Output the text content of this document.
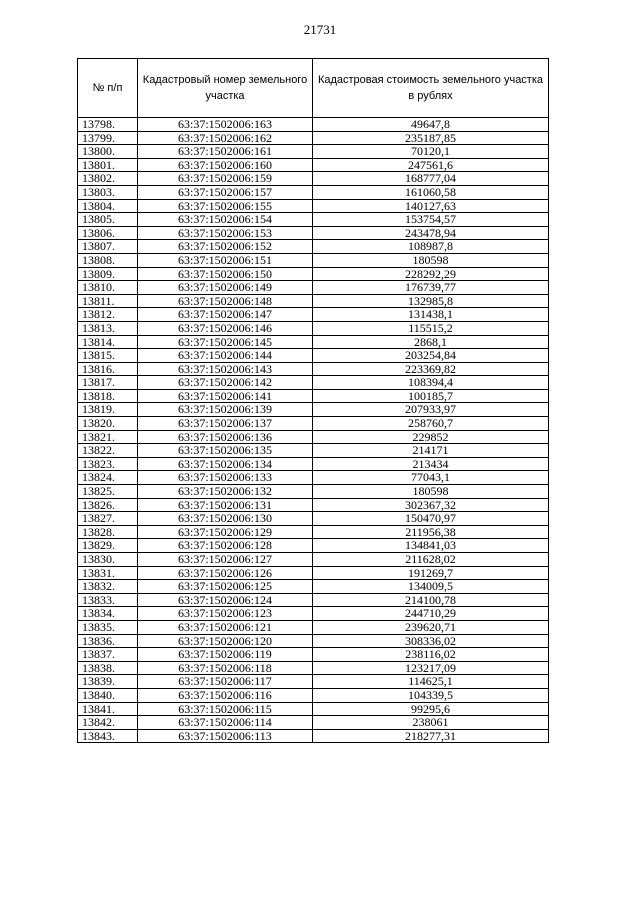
21731
№ п/п	Кадастровый номер земельного участка	Кадастровая стоимость земельного участка в рублях
13798.	63:37:1502006:163	49647,8
13799.	63:37:1502006:162	235187,85
13800.	63:37:1502006:161	70120,1
13801.	63:37:1502006:160	247561,6
13802.	63:37:1502006:159	168777,04
13803.	63:37:1502006:157	161060,58
13804.	63:37:1502006:155	140127,63
13805.	63:37:1502006:154	153754,57
13806.	63:37:1502006:153	243478,94
13807.	63:37:1502006:152	108987,8
13808.	63:37:1502006:151	180598
13809.	63:37:1502006:150	228292,29
13810.	63:37:1502006:149	176739,77
13811.	63:37:1502006:148	132985,8
13812.	63:37:1502006:147	131438,1
13813.	63:37:1502006:146	115515,2
13814.	63:37:1502006:145	2868,1
13815.	63:37:1502006:144	203254,84
13816.	63:37:1502006:143	223369,82
13817.	63:37:1502006:142	108394,4
13818.	63:37:1502006:141	100185,7
13819.	63:37:1502006:139	207933,97
13820.	63:37:1502006:137	258760,7
13821.	63:37:1502006:136	229852
13822.	63:37:1502006:135	214171
13823.	63:37:1502006:134	213434
13824.	63:37:1502006:133	77043,1
13825.	63:37:1502006:132	180598
13826.	63:37:1502006:131	302367,32
13827.	63:37:1502006:130	150470,97
13828.	63:37:1502006:129	211956,38
13829.	63:37:1502006:128	134841,03
13830.	63:37:1502006:127	211628,02
13831.	63:37:1502006:126	191269,7
13832.	63:37:1502006:125	134009,5
13833.	63:37:1502006:124	214100,78
13834.	63:37:1502006:123	244710,29
13835.	63:37:1502006:121	239620,71
13836.	63:37:1502006:120	308336,02
13837.	63:37:1502006:119	238116,02
13838.	63:37:1502006:118	123217,09
13839.	63:37:1502006:117	114625,1
13840.	63:37:1502006:116	104339,5
13841.	63:37:1502006:115	99295,6
13842.	63:37:1502006:114	238061
13843.	63:37:1502006:113	218277,31
